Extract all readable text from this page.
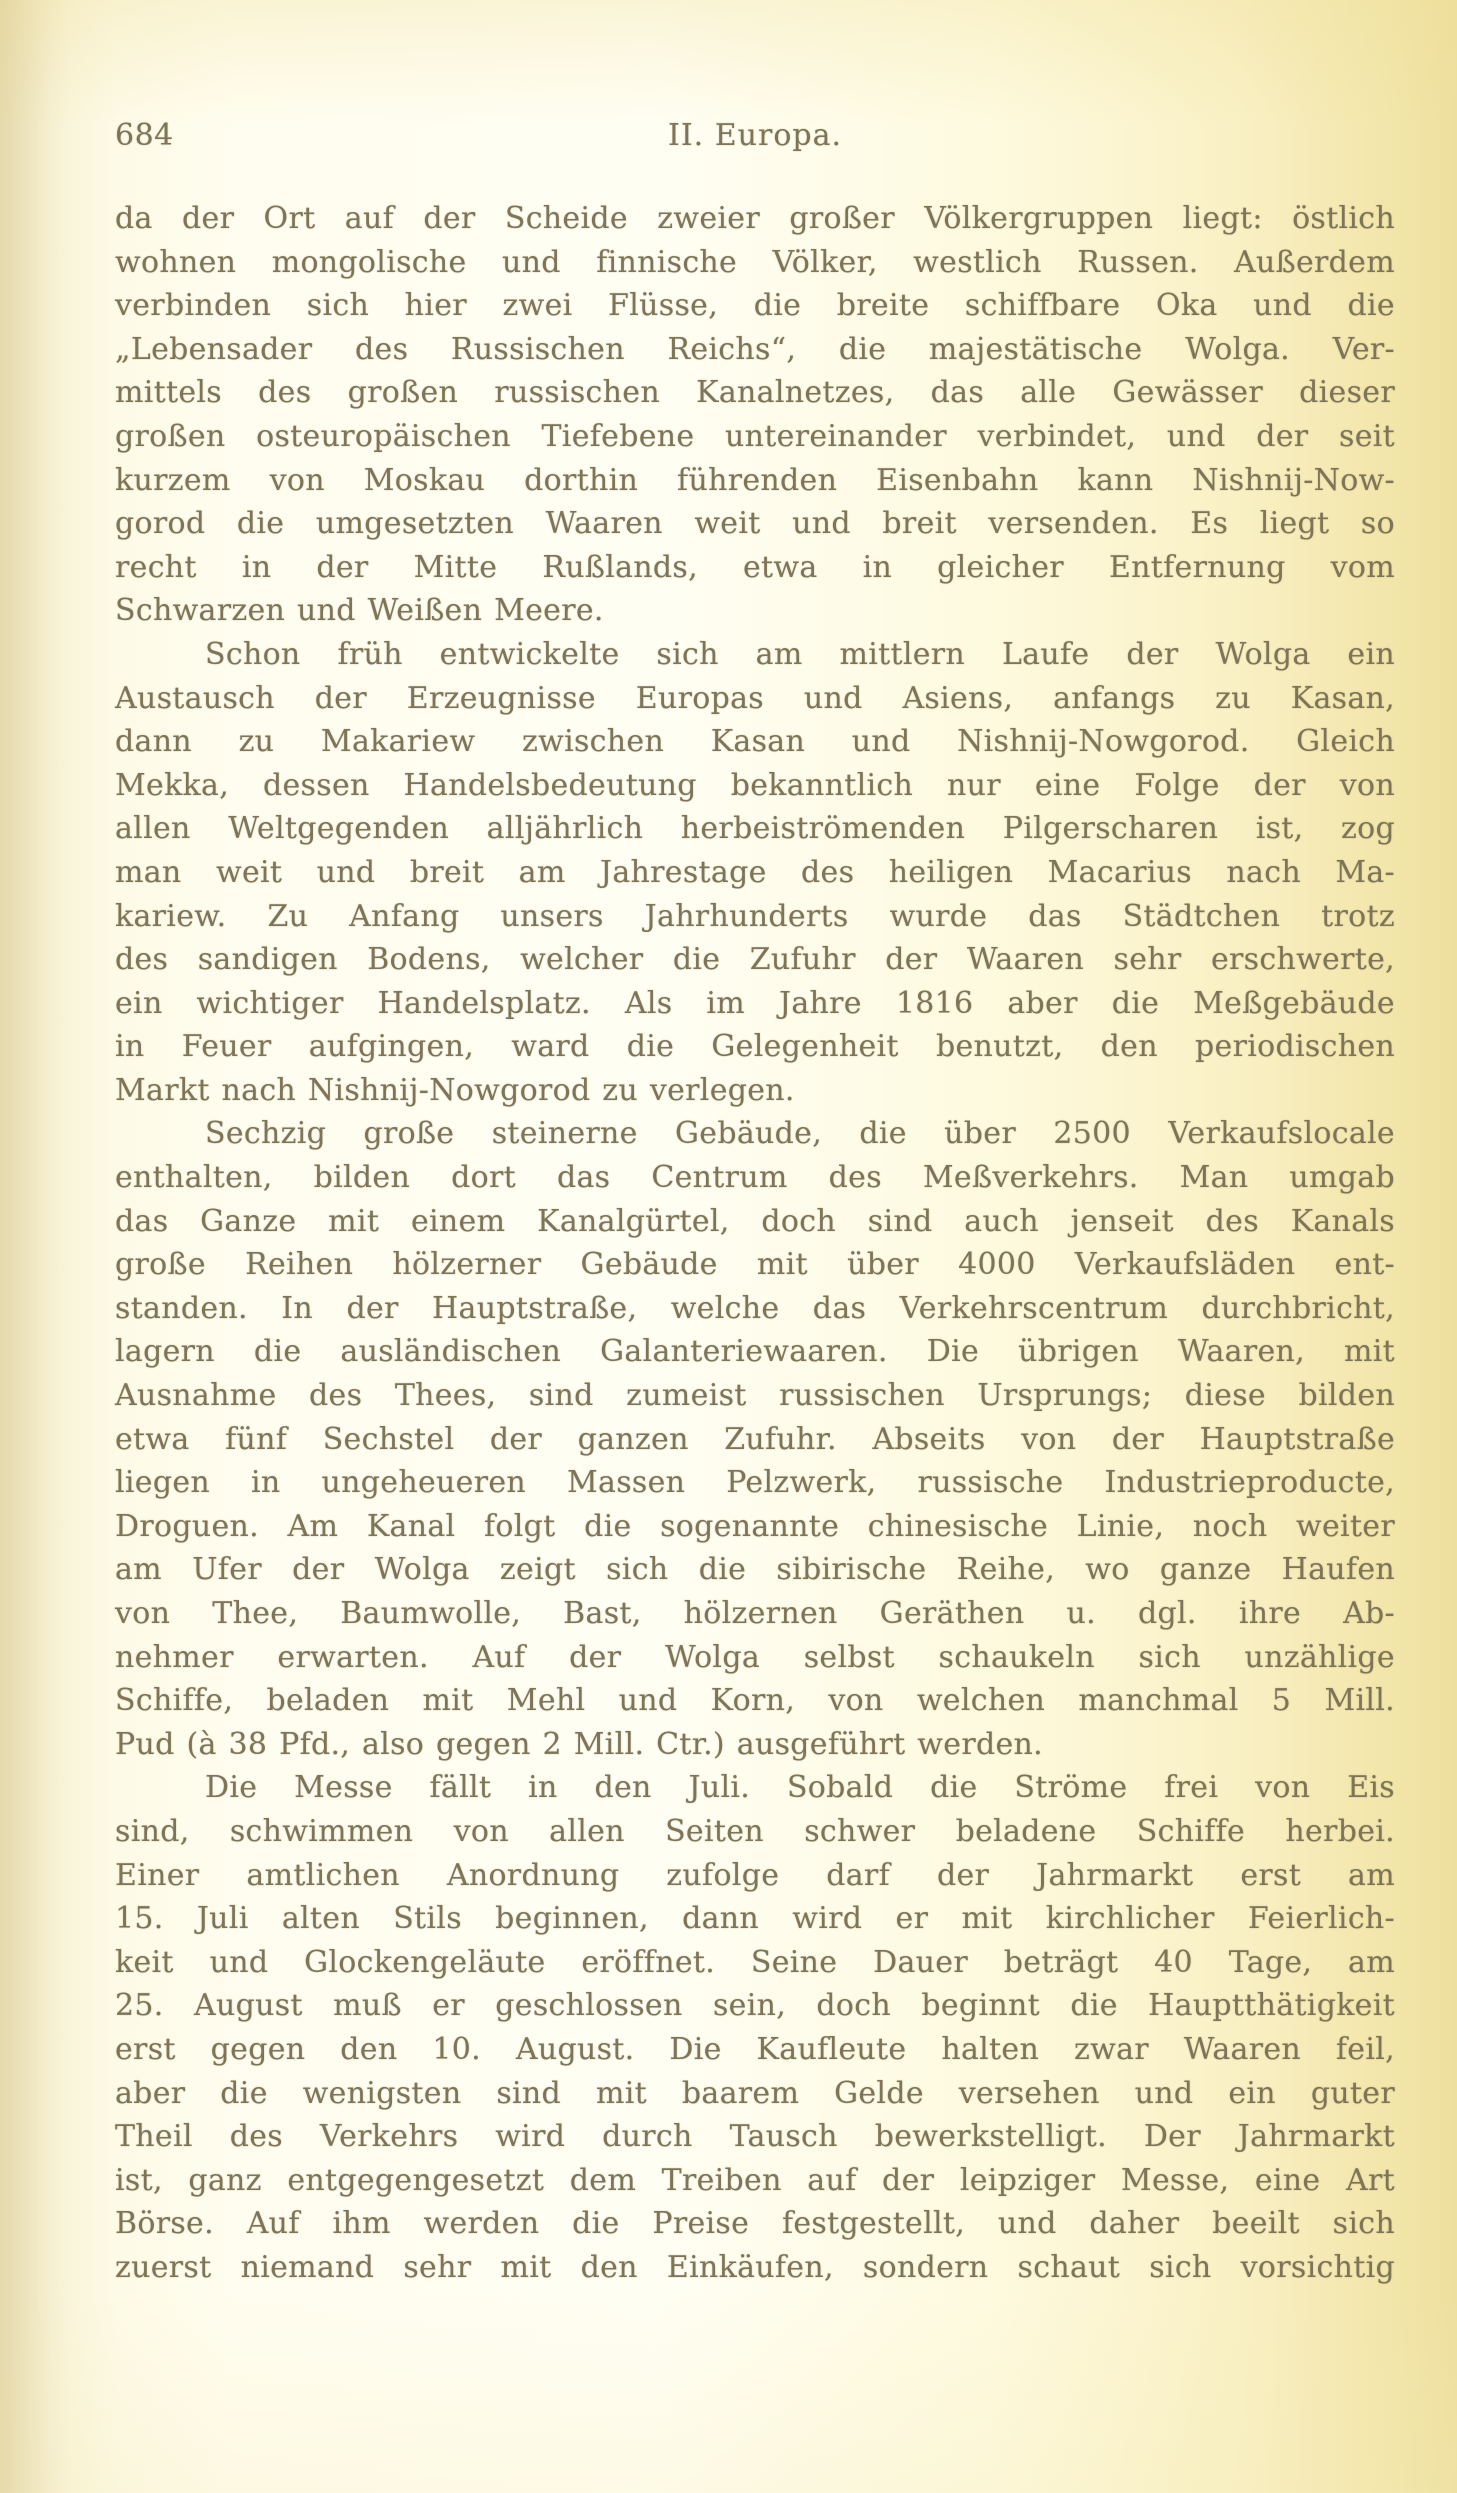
684	II. Europa.
da der Ort auf der Scheide zweier großer Völkergruppen liegt: östlich
wohnen mongolische und finnische Völker, westlich Russen. Außerdem
verbinden sich hier zwei Flüsse, die breite schiffbare Oka und die
„Lebensader des Russischen Reichs“, die majestätische Wolga. Ver-
mittels des großen russischen Kanalnetzes, das alle Gewässer dieser
großen osteuropäischen Tiefebene untereinander verbindet, und der seit
kurzem von Moskau dorthin führenden Eisenbahn kann Nishnij-Now-
gorod die umgesetzten Waaren weit und breit versenden. Es liegt so
recht in der Mitte Rußlands, etwa in gleicher Entfernung vom
Schwarzen und Weißen Meere.
Schon früh entwickelte sich am mittlern Laufe der Wolga ein
Austausch der Erzeugnisse Europas und Asiens, anfangs zu Kasan,
dann zu Makariew zwischen Kasan und Nishnij-Nowgorod. Gleich
Mekka, dessen Handelsbedeutung bekanntlich nur eine Folge der von
allen Weltgegenden alljährlich herbeiströmenden Pilgerscharen ist, zog
man weit und breit am Jahrestage des heiligen Macarius nach Ma-
kariew. Zu Anfang unsers Jahrhunderts wurde das Städtchen trotz
des sandigen Bodens, welcher die Zufuhr der Waaren sehr erschwerte,
ein wichtiger Handelsplatz. Als im Jahre 1816 aber die Meßgebäude
in Feuer aufgingen, ward die Gelegenheit benutzt, den periodischen
Markt nach Nishnij-Nowgorod zu verlegen.
Sechzig große steinerne Gebäude, die über 2500 Verkaufslocale
enthalten, bilden dort das Centrum des Meßverkehrs. Man umgab
das Ganze mit einem Kanalgürtel, doch sind auch jenseit des Kanals
große Reihen hölzerner Gebäude mit über 4000 Verkaufsläden ent-
standen. In der Hauptstraße, welche das Verkehrscentrum durchbricht,
lagern die ausländischen Galanteriewaaren. Die übrigen Waaren, mit
Ausnahme des Thees, sind zumeist russischen Ursprungs; diese bilden
etwa fünf Sechstel der ganzen Zufuhr. Abseits von der Hauptstraße
liegen in ungeheueren Massen Pelzwerk, russische Industrieproducte,
Droguen. Am Kanal folgt die sogenannte chinesische Linie, noch weiter
am Ufer der Wolga zeigt sich die sibirische Reihe, wo ganze Haufen
von Thee, Baumwolle, Bast, hölzernen Geräthen u. dgl. ihre Ab-
nehmer erwarten. Auf der Wolga selbst schaukeln sich unzählige
Schiffe, beladen mit Mehl und Korn, von welchen manchmal 5 Mill.
Pud (à 38 Pfd., also gegen 2 Mill. Ctr.) ausgeführt werden.
Die Messe fällt in den Juli. Sobald die Ströme frei von Eis
sind, schwimmen von allen Seiten schwer beladene Schiffe herbei.
Einer amtlichen Anordnung zufolge darf der Jahrmarkt erst am
15. Juli alten Stils beginnen, dann wird er mit kirchlicher Feierlich-
keit und Glockengeläute eröffnet. Seine Dauer beträgt 40 Tage, am
25. August muß er geschlossen sein, doch beginnt die Hauptthätigkeit
erst gegen den 10. August. Die Kaufleute halten zwar Waaren feil,
aber die wenigsten sind mit baarem Gelde versehen und ein guter
Theil des Verkehrs wird durch Tausch bewerkstelligt. Der Jahrmarkt
ist, ganz entgegengesetzt dem Treiben auf der leipziger Messe, eine Art
Börse. Auf ihm werden die Preise festgestellt, und daher beeilt sich
zuerst niemand sehr mit den Einkäufen, sondern schaut sich vorsichtig
